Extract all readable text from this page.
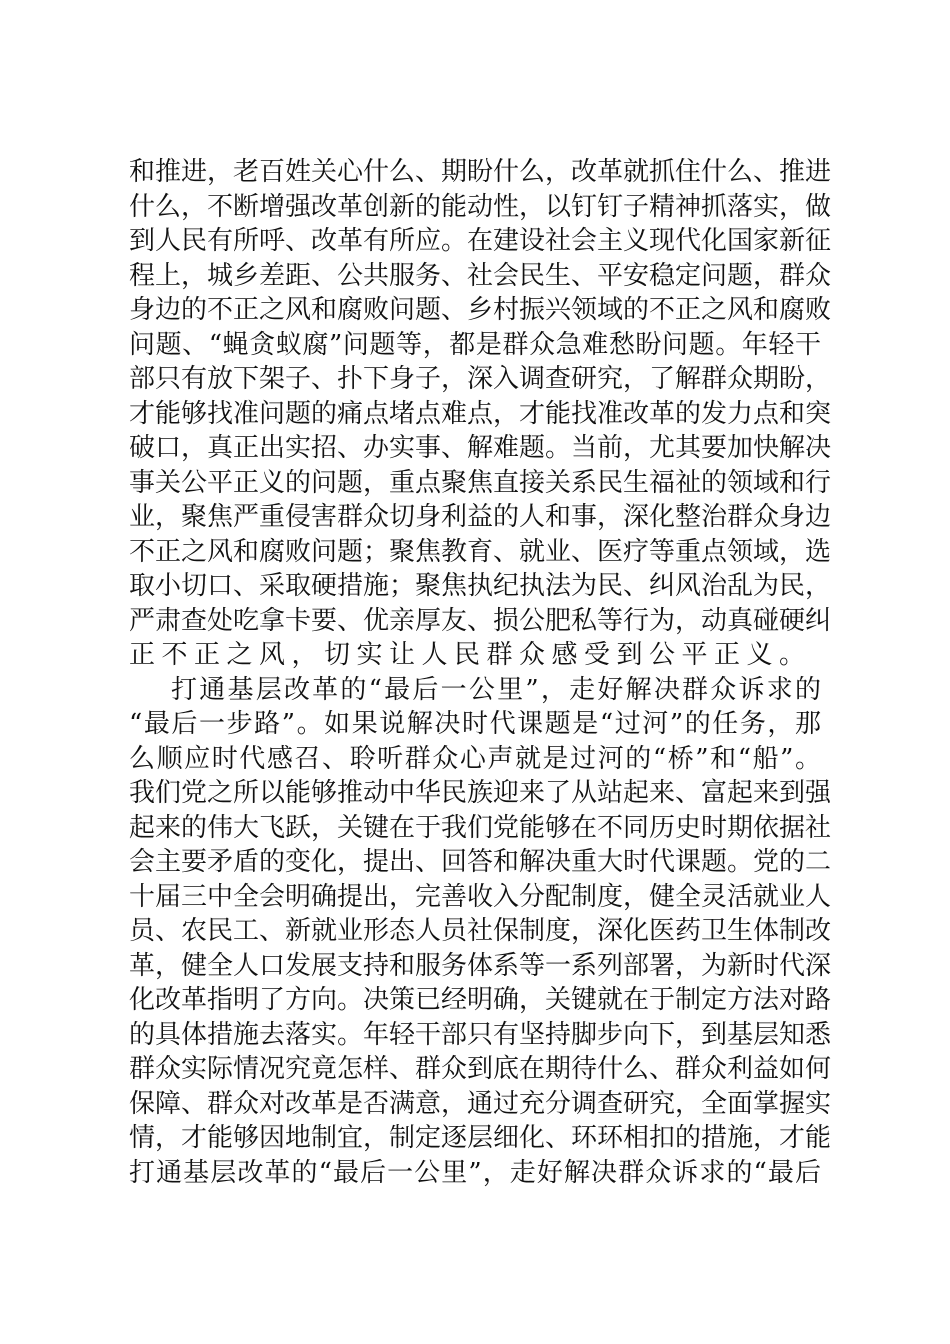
和推进，老百姓关心什么、期盼什么，改革就抓住什么、推进
什么，不断增强改革创新的能动性，以钉钉子精神抓落实，做
到人民有所呼、改革有所应。在建设社会主义现代化国家新征
程上，城乡差距、公共服务、社会民生、平安稳定问题，群众
身边的不正之风和腐败问题、乡村振兴领域的不正之风和腐败
问题、“蝇贪蚁腐”问题等，都是群众急难愁盼问题。年轻干
部只有放下架子、扑下身子，深入调查研究，了解群众期盼，
才能够找准问题的痛点堵点难点，才能找准改革的发力点和突
破口，真正出实招、办实事、解难题。当前，尤其要加快解决
事关公平正义的问题，重点聚焦直接关系民生福祉的领域和行
业，聚焦严重侵害群众切身利益的人和事，深化整治群众身边
不正之风和腐败问题；聚焦教育、就业、医疗等重点领域，选
取小切口、采取硬措施；聚焦执纪执法为民、纠风治乱为民，
严肃查处吃拿卡要、优亲厚友、损公肥私等行为，动真碰硬纠
正不正之风，切实让人民群众感受到公平正义。
打通基层改革的“最后一公里”，走好解决群众诉求的
“最后一步路”。如果说解决时代课题是“过河”的任务，那
么顺应时代感召、聆听群众心声就是过河的“桥”和“船”。
我们党之所以能够推动中华民族迎来了从站起来、富起来到强
起来的伟大飞跃，关键在于我们党能够在不同历史时期依据社
会主要矛盾的变化，提出、回答和解决重大时代课题。党的二
十届三中全会明确提出，完善收入分配制度，健全灵活就业人
员、农民工、新就业形态人员社保制度，深化医药卫生体制改
革，健全人口发展支持和服务体系等一系列部署，为新时代深
化改革指明了方向。决策已经明确，关键就在于制定方法对路
的具体措施去落实。年轻干部只有坚持脚步向下，到基层知悉
群众实际情况究竟怎样、群众到底在期待什么、群众利益如何
保障、群众对改革是否满意，通过充分调查研究，全面掌握实
情，才能够因地制宜，制定逐层细化、环环相扣的措施，才能
打通基层改革的“最后一公里”，走好解决群众诉求的“最后
